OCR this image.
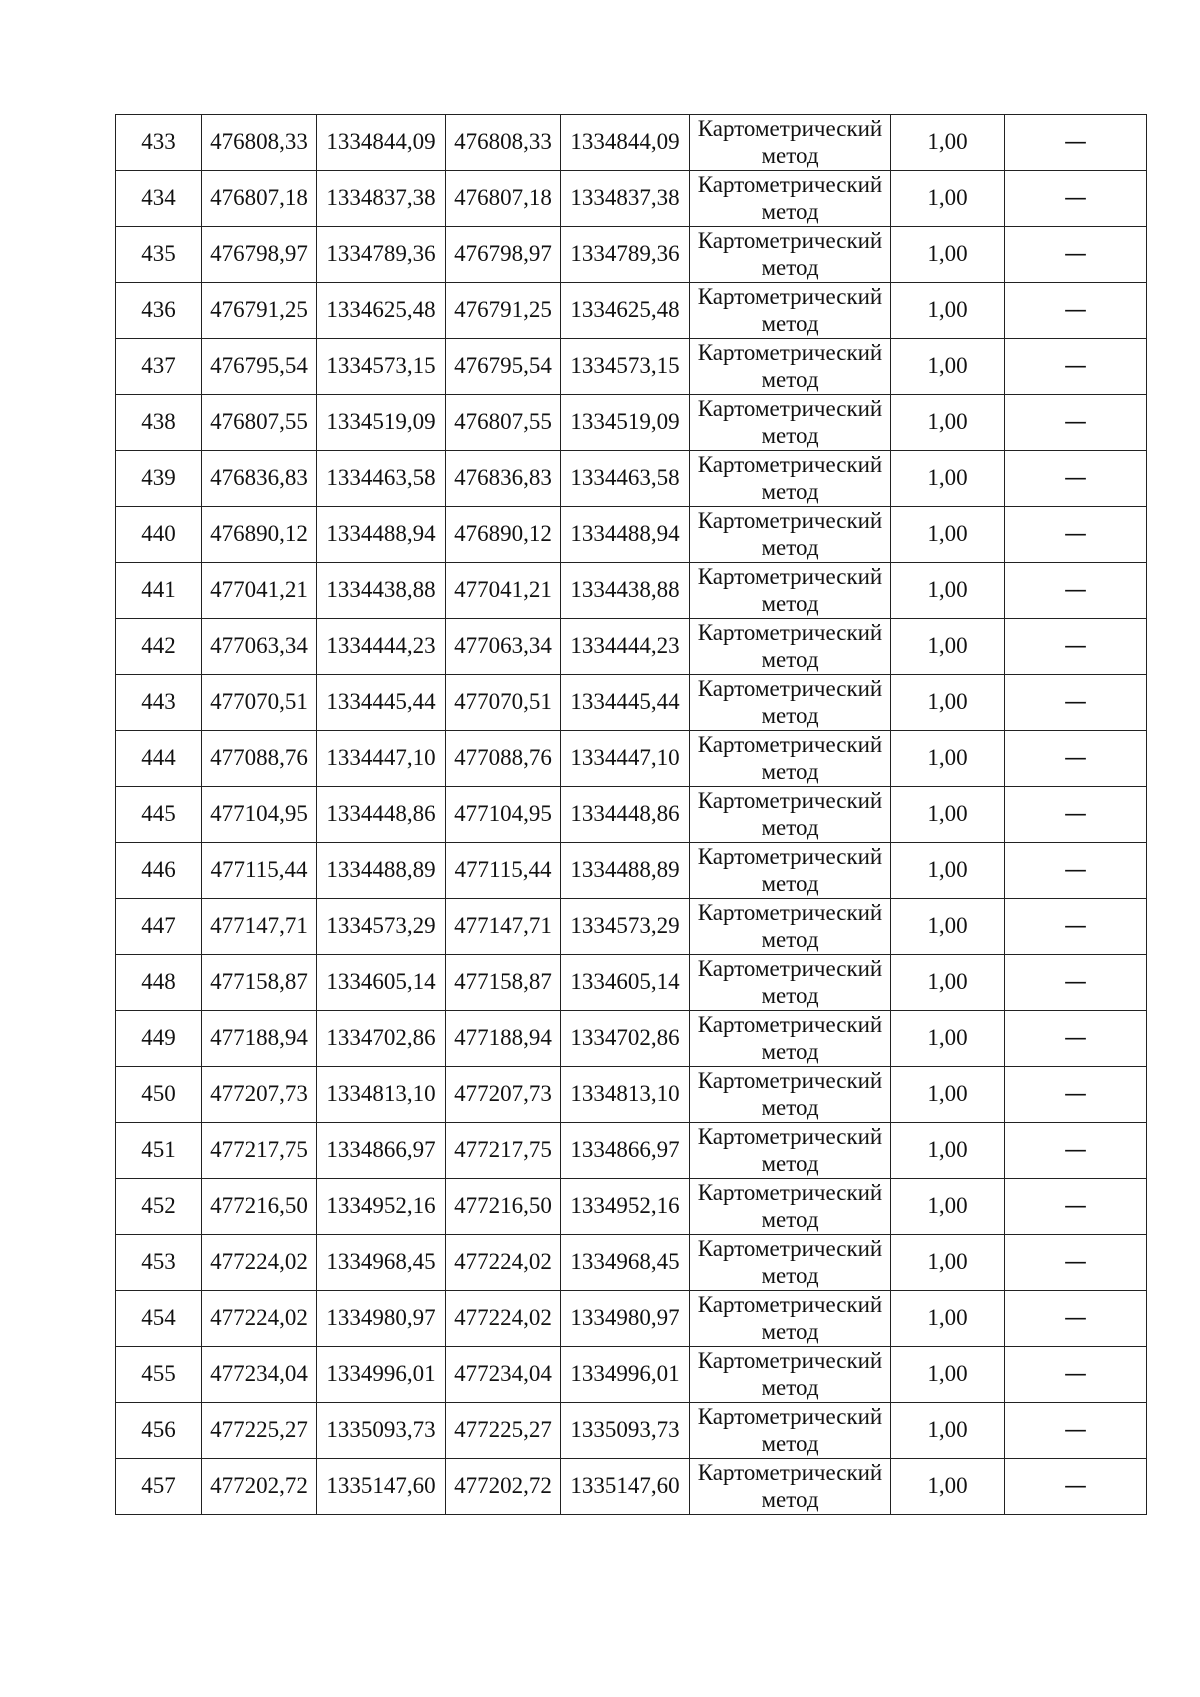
433	476808,33	1334844,09	476808,33	1334844,09	Картометрический
метод	1,00	—
434	476807,18	1334837,38	476807,18	1334837,38	Картометрический
метод	1,00	—
435	476798,97	1334789,36	476798,97	1334789,36	Картометрический
метод	1,00	—
436	476791,25	1334625,48	476791,25	1334625,48	Картометрический
метод	1,00	—
437	476795,54	1334573,15	476795,54	1334573,15	Картометрический
метод	1,00	—
438	476807,55	1334519,09	476807,55	1334519,09	Картометрический
метод	1,00	—
439	476836,83	1334463,58	476836,83	1334463,58	Картометрический
метод	1,00	—
440	476890,12	1334488,94	476890,12	1334488,94	Картометрический
метод	1,00	—
441	477041,21	1334438,88	477041,21	1334438,88	Картометрический
метод	1,00	—
442	477063,34	1334444,23	477063,34	1334444,23	Картометрический
метод	1,00	—
443	477070,51	1334445,44	477070,51	1334445,44	Картометрический
метод	1,00	—
444	477088,76	1334447,10	477088,76	1334447,10	Картометрический
метод	1,00	—
445	477104,95	1334448,86	477104,95	1334448,86	Картометрический
метод	1,00	—
446	477115,44	1334488,89	477115,44	1334488,89	Картометрический
метод	1,00	—
447	477147,71	1334573,29	477147,71	1334573,29	Картометрический
метод	1,00	—
448	477158,87	1334605,14	477158,87	1334605,14	Картометрический
метод	1,00	—
449	477188,94	1334702,86	477188,94	1334702,86	Картометрический
метод	1,00	—
450	477207,73	1334813,10	477207,73	1334813,10	Картометрический
метод	1,00	—
451	477217,75	1334866,97	477217,75	1334866,97	Картометрический
метод	1,00	—
452	477216,50	1334952,16	477216,50	1334952,16	Картометрический
метод	1,00	—
453	477224,02	1334968,45	477224,02	1334968,45	Картометрический
метод	1,00	—
454	477224,02	1334980,97	477224,02	1334980,97	Картометрический
метод	1,00	—
455	477234,04	1334996,01	477234,04	1334996,01	Картометрический
метод	1,00	—
456	477225,27	1335093,73	477225,27	1335093,73	Картометрический
метод	1,00	—
457	477202,72	1335147,60	477202,72	1335147,60	Картометрический
метод	1,00	—
